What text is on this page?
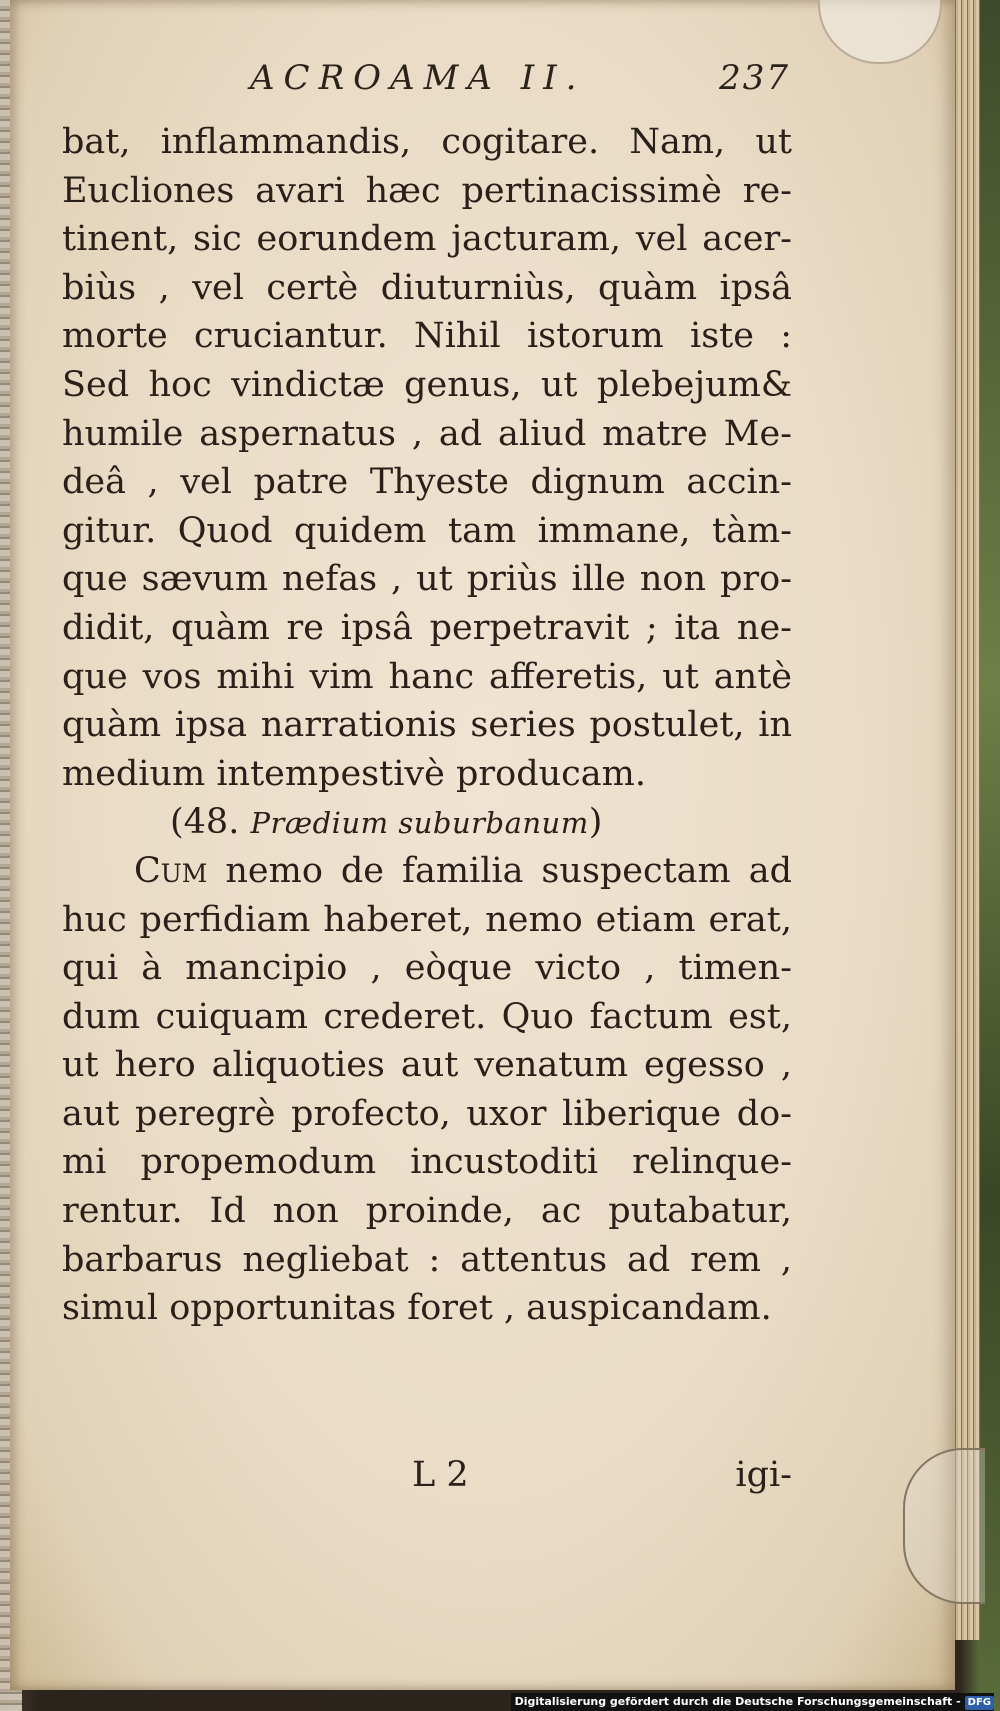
ACROAMA II.	237
bat, inflammandis, cogitare. Nam, ut
Eucliones avari hæc pertinacissimè re-
tinent, sic eorundem jacturam, vel acer-
biùs , vel certè diuturniùs, quàm ipsâ
morte cruciantur. Nihil istorum iste :
Sed hoc vindictæ genus, ut plebejum&
humile aspernatus , ad aliud matre Me-
deâ , vel patre Thyeste dignum accin-
gitur. Quod quidem tam immane, tàm-
que sævum nefas , ut priùs ille non pro-
didit, quàm re ipsâ perpetravit ; ita ne-
que vos mihi vim hanc afferetis, ut antè
quàm ipsa narrationis series postulet, in
medium intempestivè producam.
(48. Prædium suburbanum)
Cum nemo de familia suspectam ad
huc perfidiam haberet, nemo etiam erat,
qui à mancipio , eòque victo , timen-
dum cuiquam crederet. Quo factum est,
ut hero aliquoties aut venatum egesso ,
aut peregrè profecto, uxor liberique do-
mi propemodum incustoditi relinque-
rentur. Id non proinde, ac putabatur,
barbarus negliebat : attentus ad rem ,
simul opportunitas foret , auspicandam.
L 2	igi-
Digitalisierung gefördert durch die Deutsche Forschungsgemeinschaft - DFG
